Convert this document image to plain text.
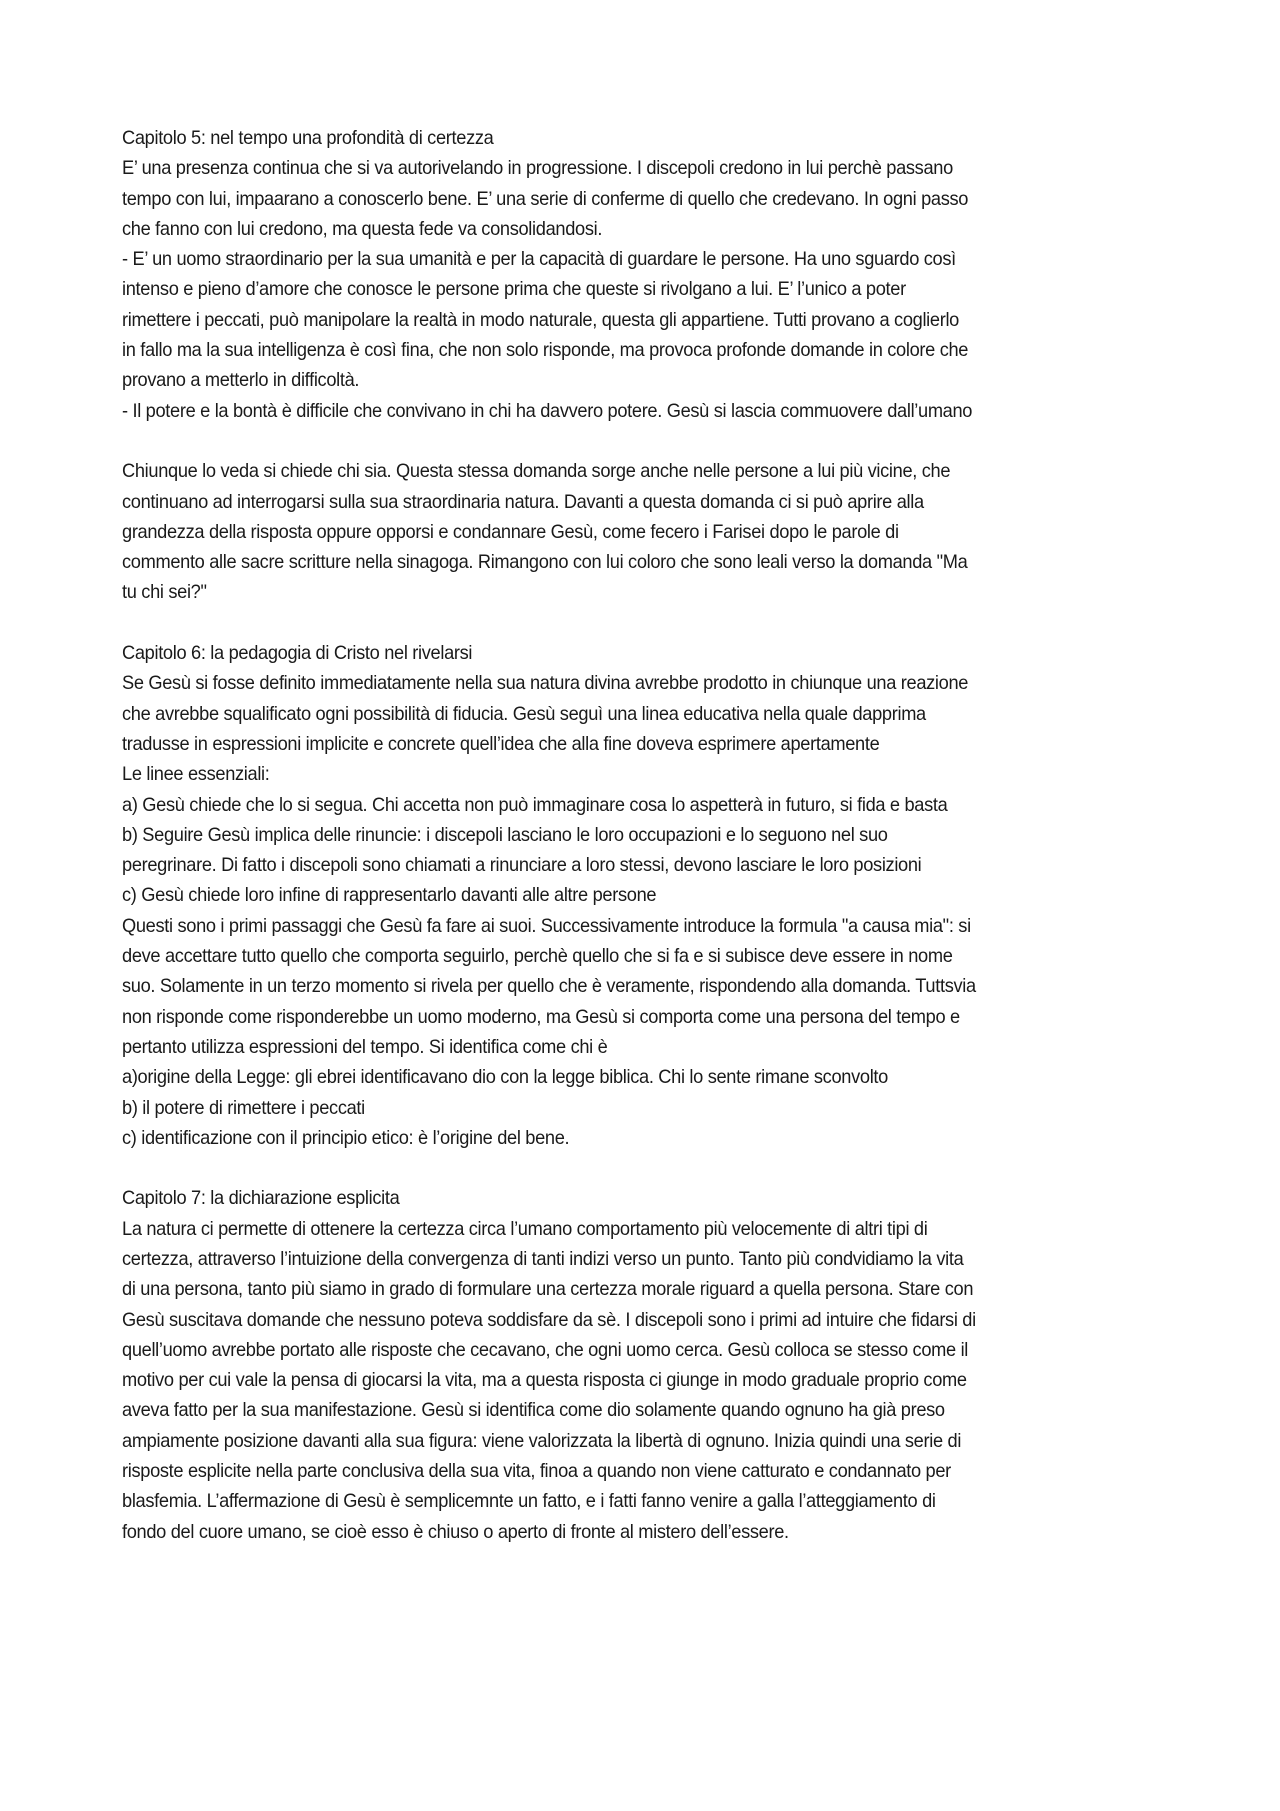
Capitolo 5: nel tempo una profondità di certezza
E’ una presenza continua che si va autorivelando in progressione. I discepoli credono in lui perchè passano
tempo con lui, impaarano a conoscerlo bene. E’ una serie di conferme di quello che credevano. In ogni passo
che fanno con lui credono, ma questa fede va consolidandosi.
- E’ un uomo straordinario per la sua umanità e per la capacità di guardare le persone. Ha uno sguardo così
intenso e pieno d’amore che conosce le persone prima che queste si rivolgano a lui. E’ l’unico a poter
rimettere i peccati, può manipolare la realtà in modo naturale, questa gli appartiene. Tutti provano a coglierlo
in fallo ma la sua intelligenza è così fina, che non solo risponde, ma provoca profonde domande in colore che
provano a metterlo in difficoltà.
- Il potere e la bontà è difficile che convivano in chi ha davvero potere. Gesù si lascia commuovere dall’umano
Chiunque lo veda si chiede chi sia. Questa stessa domanda sorge anche nelle persone a lui più vicine, che
continuano ad interrogarsi sulla sua straordinaria natura. Davanti a questa domanda ci si può aprire alla
grandezza della risposta oppure opporsi e condannare Gesù, come fecero i Farisei dopo le parole di
commento alle sacre scritture nella sinagoga. Rimangono con lui coloro che sono leali verso la domanda "Ma
tu chi sei?"
Capitolo 6: la pedagogia di Cristo nel rivelarsi
Se Gesù si fosse definito immediatamente nella sua natura divina avrebbe prodotto in chiunque una reazione
che avrebbe squalificato ogni possibilità di fiducia. Gesù seguì una linea educativa nella quale dapprima
tradusse in espressioni implicite e concrete quell’idea che alla fine doveva esprimere apertamente
Le linee essenziali:
a) Gesù chiede che lo si segua. Chi accetta non può immaginare cosa lo aspetterà in futuro, si fida e basta
b) Seguire Gesù implica delle rinuncie: i discepoli lasciano le loro occupazioni e lo seguono nel suo
peregrinare. Di fatto i discepoli sono chiamati a rinunciare a loro stessi, devono lasciare le loro posizioni
c) Gesù chiede loro infine di rappresentarlo davanti alle altre persone
Questi sono i primi passaggi che Gesù fa fare ai suoi. Successivamente introduce la formula "a causa mia": si
deve accettare tutto quello che comporta seguirlo, perchè quello che si fa e si subisce deve essere in nome
suo. Solamente in un terzo momento si rivela per quello che è veramente, rispondendo alla domanda. Tuttsvia
non risponde come risponderebbe un uomo moderno, ma Gesù si comporta come una persona del tempo e
pertanto utilizza espressioni del tempo. Si identifica come chi è
a)origine della Legge: gli ebrei identificavano dio con la legge biblica. Chi lo sente rimane sconvolto
b) il potere di rimettere i peccati
c) identificazione con il principio etico: è l’origine del bene.
Capitolo 7: la dichiarazione esplicita
La natura ci permette di ottenere la certezza circa l’umano comportamento più velocemente di altri tipi di
certezza, attraverso l’intuizione della convergenza di tanti indizi verso un punto. Tanto più condvidiamo la vita
di una persona, tanto più siamo in grado di formulare una certezza morale riguard a quella persona. Stare con
Gesù suscitava domande che nessuno poteva soddisfare da sè. I discepoli sono i primi ad intuire che fidarsi di
quell’uomo avrebbe portato alle risposte che cecavano, che ogni uomo cerca. Gesù colloca se stesso come il
motivo per cui vale la pensa di giocarsi la vita, ma a questa risposta ci giunge in modo graduale proprio come
aveva fatto per la sua manifestazione. Gesù si identifica come dio solamente quando ognuno ha già preso
ampiamente posizione davanti alla sua figura: viene valorizzata la libertà di ognuno. Inizia quindi una serie di
risposte esplicite nella parte conclusiva della sua vita, finoa a quando non viene catturato e condannato per
blasfemia. L’affermazione di Gesù è semplicemnte un fatto, e i fatti fanno venire a galla l’atteggiamento di
fondo del cuore umano, se cioè esso è chiuso o aperto di fronte al mistero dell’essere.
